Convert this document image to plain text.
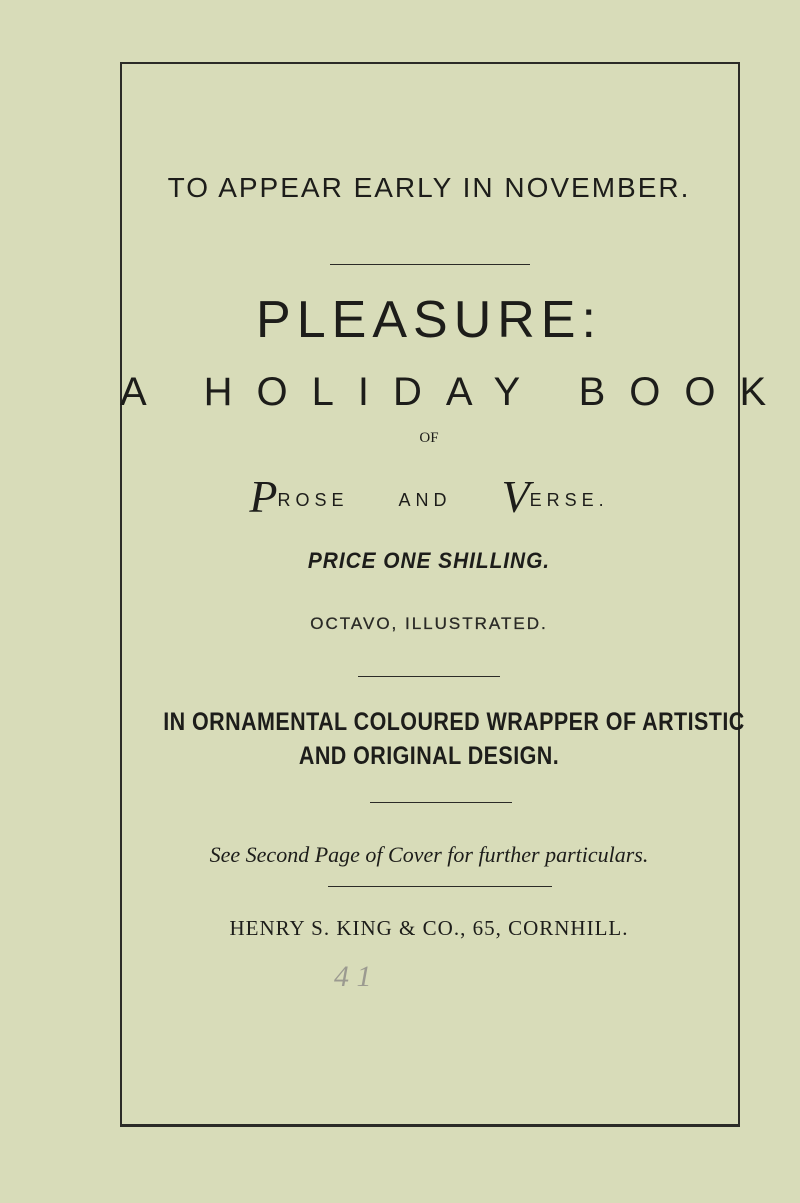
TO APPEAR EARLY IN NOVEMBER.
PLEASURE:
A HOLIDAY BOOK
OF
PROSE	AND VERSE.
PRICE ONE SHILLING.
OCTAVO, ILLUSTRATED.
IN ORNAMENTAL COLOURED WRAPPER OF ARTISTIC
AND ORIGINAL DESIGN.
See Second Page of Cover for further particulars.
HENRY S. KING & CO., 65, CORNHILL.
4 1
